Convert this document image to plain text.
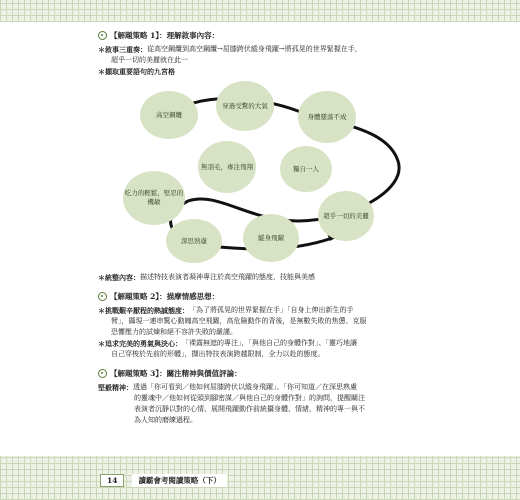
【解題策略 1】：理解敘事內容：
＊敘事三重奏： 從高空鋼纜到高空鋼纜→屈膝跨伏縱身飛躍→將孤晃的世界緊握在手，
超乎一切的美麗就在此一
＊擷取重要語句的九宮格
高空鋼纜
穿過受驚的大氣
身體墜落不成
無羽毛，專注飛翔	獨自一人
吃力的輕鬆，堅忍的機敏
深思熟慮	縱身飛躍
超乎一切的美麗
＊統整內容： 描述特技表演者凝神專注於高空飛躍的態度、技能與美感
【解題策略 2】：描摩情感思想：
＊挑戰艱辛厭程的熱誠態度： 「為了將孤晃的世界緊握在手」「自身上伸出新生的手
臂」，攝現一連串驚心動魄高空飛躍，高危險動作的背後，是無數失敗的焦憊、克服
恐懼壓力的試煉和絕不容許失敗的嚴謹。
＊追求完美的勇氣與決心： 「裸露無遮的專注」，「與他自己的身體作對」、「靈巧地讓
自己穿梭於先前的形體」，擷出特技表演跨越限制，全力以赴的態度。
【解題策略 3】：關注精神與價值評論：
堅毅精神： 透過「你可看到／他如何屈膝跨伏以縱身飛躍」、「你可知道／在深思熟慮
的靈魂中／他如何從頭到腳密謀／與他自己的身體作對」的詢問，提醒關注
表演者沉靜以對的心情、展開飛躍動作前統攝身體、情緒，精神的專一與不
為人知的磨練過程。
14	讀霸會考閱讀策略（下）
